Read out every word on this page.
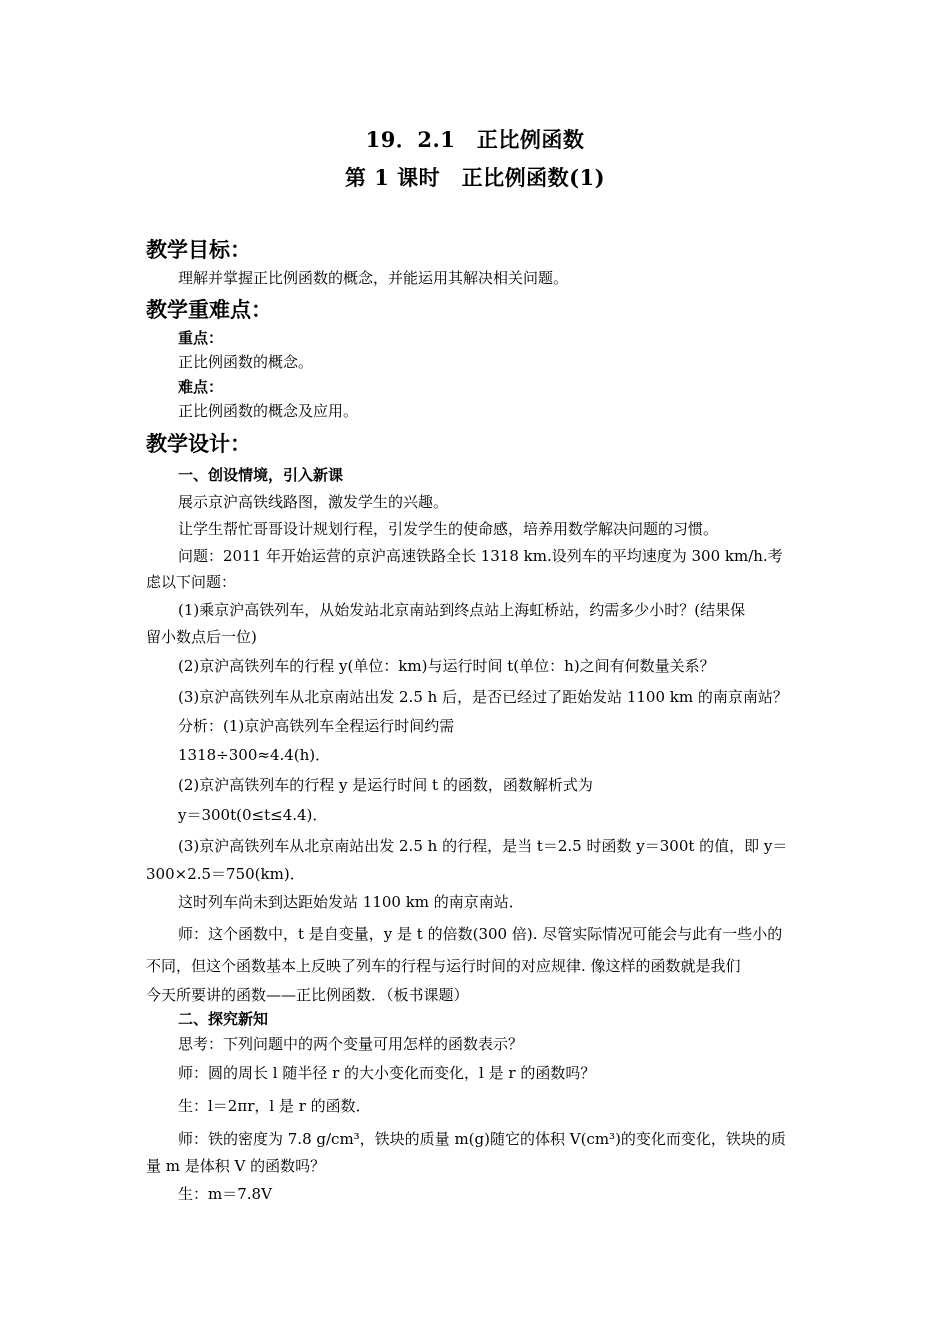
19．2.1　正比例函数
第 1 课时　正比例函数(1)
教学目标：
理解并掌握正比例函数的概念，并能运用其解决相关问题。
教学重难点：
重点：
正比例函数的概念。
难点：
正比例函数的概念及应用。
教学设计：
一、创设情境，引入新课
展示京沪高铁线路图，激发学生的兴趣。
让学生帮忙哥哥设计规划行程，引发学生的使命感，培养用数学解决问题的习惯。
问题：2011 年开始运营的京沪高速铁路全长 1318 km.设列车的平均速度为 300 km/h.考
虑以下问题：
(1)乘京沪高铁列车，从始发站北京南站到终点站上海虹桥站，约需多少小时？(结果保
留小数点后一位)
(2)京沪高铁列车的行程 y(单位：km)与运行时间 t(单位：h)之间有何数量关系？
(3)京沪高铁列车从北京南站出发 2.5 h 后，是否已经过了距始发站 1100 km 的南京南站？
分析：(1)京沪高铁列车全程运行时间约需
1318÷300≈4.4(h)．
(2)京沪高铁列车的行程 y 是运行时间 t 的函数，函数解析式为
y＝300t(0≤t≤4.4)．
(3)京沪高铁列车从北京南站出发 2.5 h 的行程，是当 t＝2.5 时函数 y＝300t 的值，即 y＝
300×2.5＝750(km)．
这时列车尚未到达距始发站 1100 km 的南京南站．
师：这个函数中，t 是自变量，y 是 t 的倍数(300 倍). 尽管实际情况可能会与此有一些小的
不同，但这个函数基本上反映了列车的行程与运行时间的对应规律. 像这样的函数就是我们
今天所要讲的函数——正比例函数．（板书课题）
二、探究新知
思考：下列问题中的两个变量可用怎样的函数表示？
师：圆的周长 l 随半径 r 的大小变化而变化，l 是 r 的函数吗？
生：l＝2πr，l 是 r 的函数．
师：铁的密度为 7.8 g/cm³，铁块的质量 m(g)随它的体积 V(cm³)的变化而变化，铁块的质
量 m 是体积 V 的函数吗？
生：m＝7.8V
